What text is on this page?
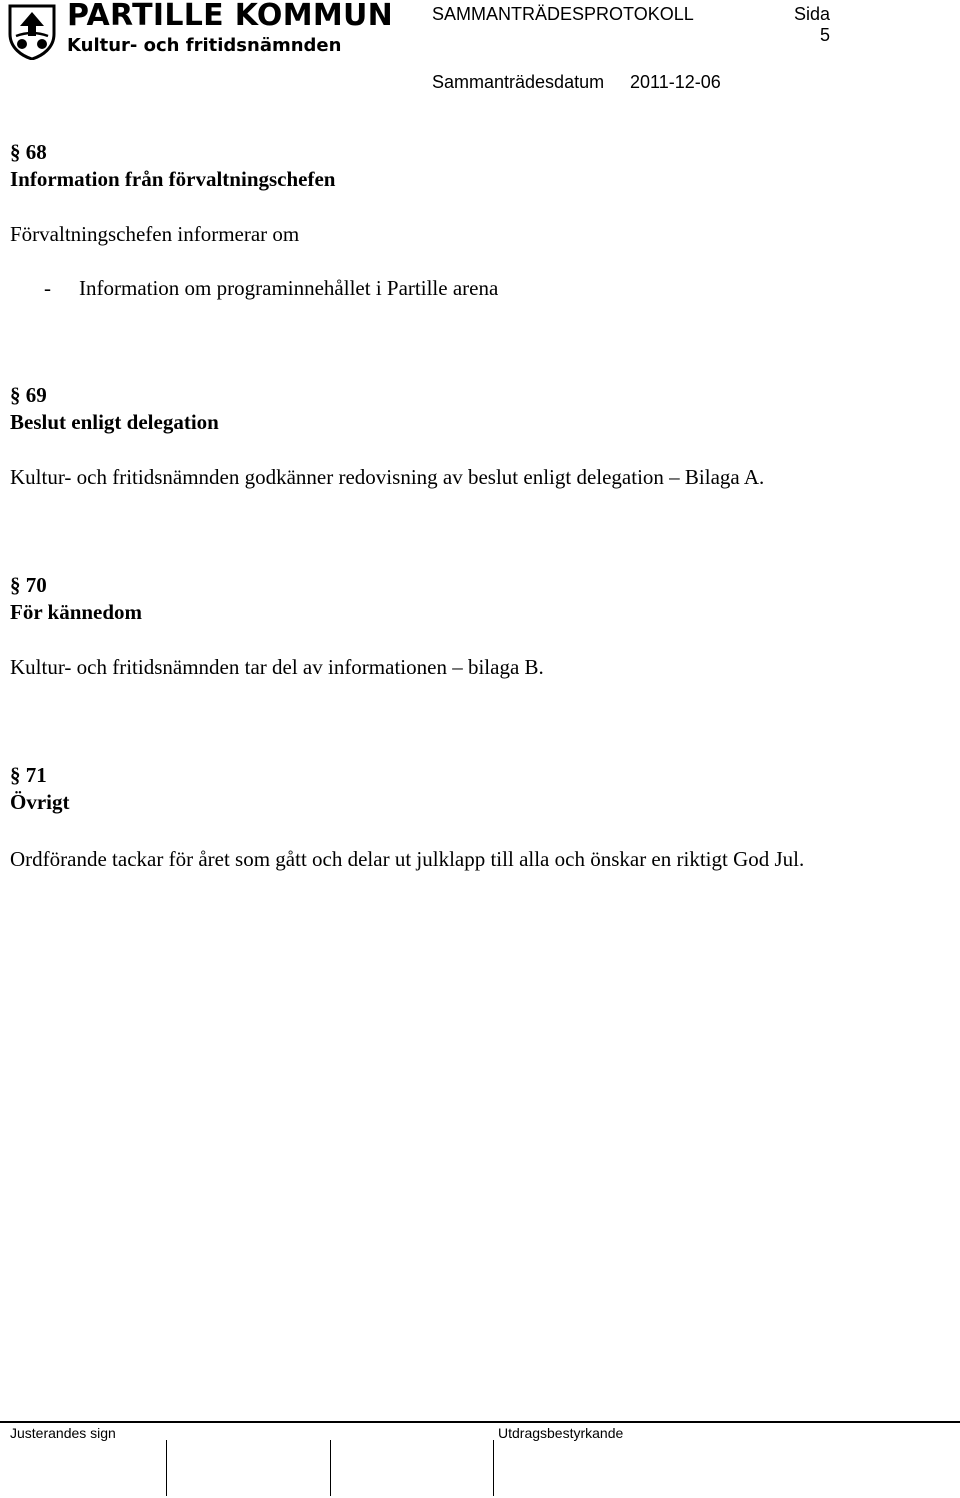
PARTILLE KOMMUN
Kultur- och fritidsnämnden
SAMMANTRÄDESPROTOKOLL	Sida
5
Sammanträdesdatum 2011-12-06
§ 68
Information från förvaltningschefen
Förvaltningschefen informerar om
- Information om programinnehållet i Partille arena
§ 69
Beslut enligt delegation
Kultur- och fritidsnämnden godkänner redovisning av beslut enligt delegation – Bilaga A.
§ 70
För kännedom
Kultur- och fritidsnämnden tar del av informationen – bilaga B.
§ 71
Övrigt
Ordförande tackar för året som gått och delar ut julklapp till alla och önskar en riktigt God Jul.
Justerandes sign	Utdragsbestyrkande
